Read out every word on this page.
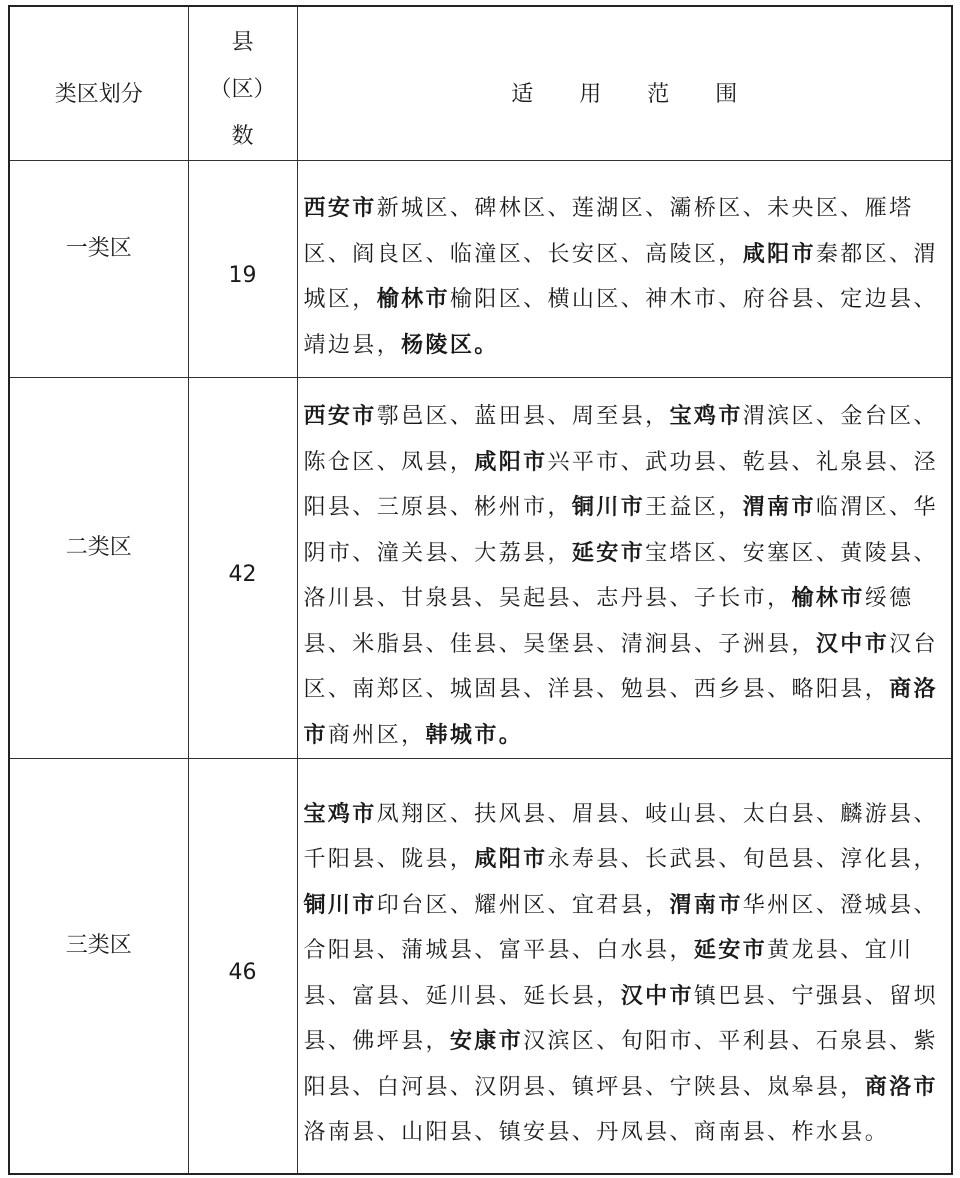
类区划分	县
（区）
数	适用范围
一类区	19	西安市新城区、碑林区、莲湖区、灞桥区、未央区、雁塔区、阎良区、临潼区、长安区、高陵区，咸阳市秦都区、渭城区，榆林市榆阳区、横山区、神木市、府谷县、定边县、靖边县，杨陵区。
二类区	42	西安市鄠邑区、蓝田县、周至县，宝鸡市渭滨区、金台区、陈仓区、凤县，咸阳市兴平市、武功县、乾县、礼泉县、泾阳县、三原县、彬州市，铜川市王益区，渭南市临渭区、华阴市、潼关县、大荔县，延安市宝塔区、安塞区、黄陵县、洛川县、甘泉县、吴起县、志丹县、子长市，榆林市绥德县、米脂县、佳县、吴堡县、清涧县、子洲县，汉中市汉台区、南郑区、城固县、洋县、勉县、西乡县、略阳县，商洛市商州区，韩城市。
三类区	46	宝鸡市凤翔区、扶风县、眉县、岐山县、太白县、麟游县、千阳县、陇县，咸阳市永寿县、长武县、旬邑县、淳化县，铜川市印台区、耀州区、宜君县，渭南市华州区、澄城县、合阳县、蒲城县、富平县、白水县，延安市黄龙县、宜川县、富县、延川县、延长县，汉中市镇巴县、宁强县、留坝县、佛坪县，安康市汉滨区、旬阳市、平利县、石泉县、紫阳县、白河县、汉阴县、镇坪县、宁陕县、岚皋县，商洛市洛南县、山阳县、镇安县、丹凤县、商南县、柞水县。
